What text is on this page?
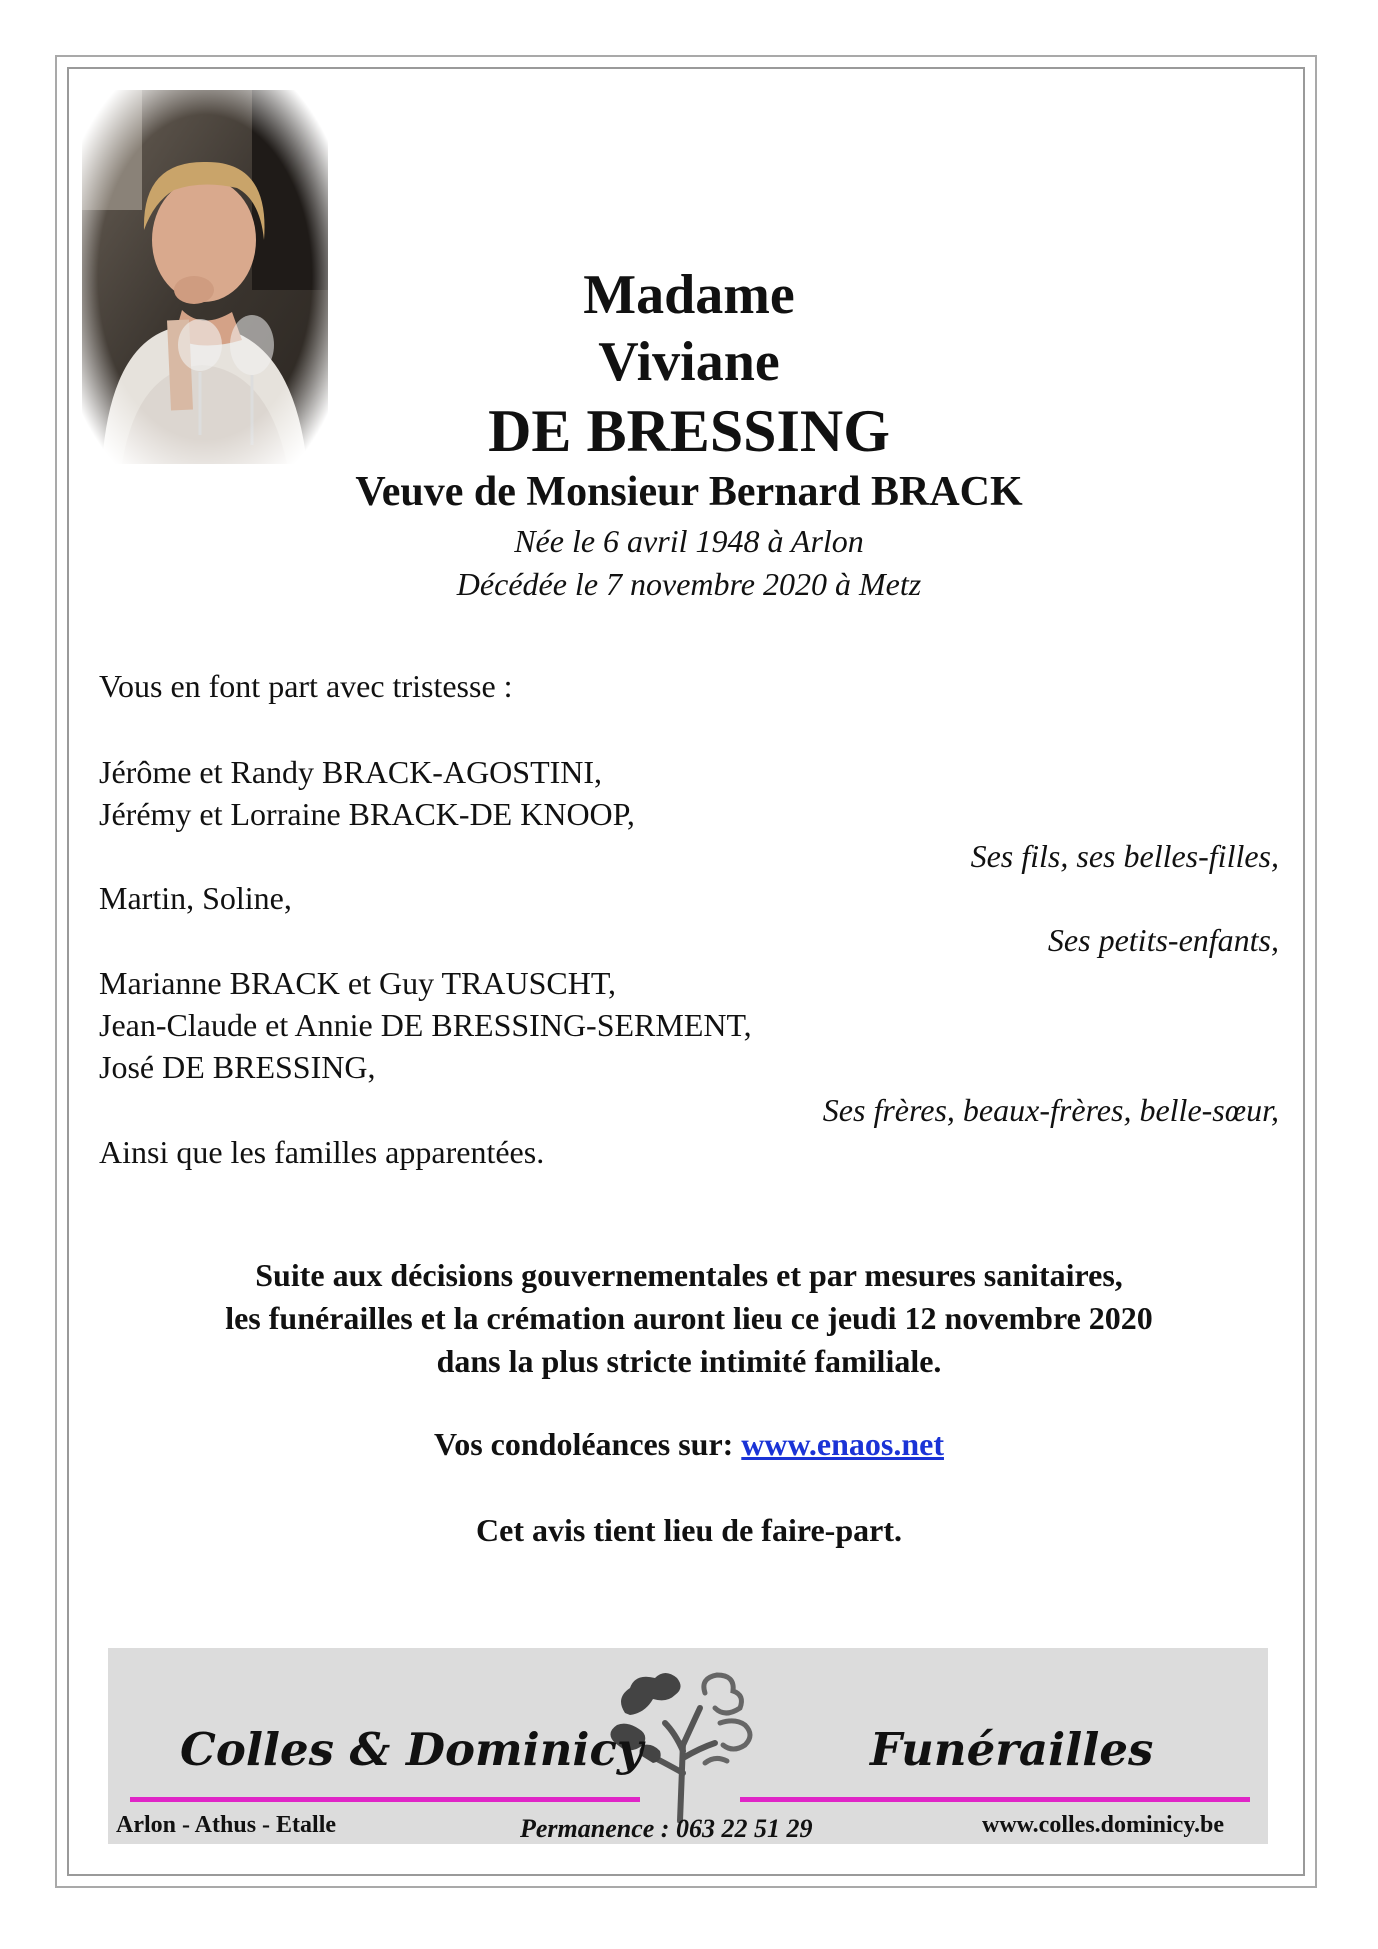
Madame
Viviane
DE BRESSING
Veuve de Monsieur Bernard BRACK
Née le 6 avril 1948 à Arlon
Décédée le 7 novembre 2020 à Metz
Vous en font part avec tristesse :
Jérôme et Randy BRACK-AGOSTINI,
Jérémy et Lorraine BRACK-DE KNOOP,
Ses fils, ses belles-filles,
Martin, Soline,
Ses petits-enfants,
Marianne BRACK et Guy TRAUSCHT,
Jean-Claude et Annie DE BRESSING-SERMENT,
José DE BRESSING,
Ses frères, beaux-frères, belle-sœur,
Ainsi que les familles apparentées.
Suite aux décisions gouvernementales et par mesures sanitaires,
les funérailles et la crémation auront lieu ce jeudi 12 novembre 2020
dans la plus stricte intimité familiale.
Vos condoléances sur: www.enaos.net
Cet avis tient lieu de faire-part.
Colles & Dominicy	Funérailles
Arlon - Athus - Etalle	Permanence : 063 22 51 29	www.colles.dominicy.be
